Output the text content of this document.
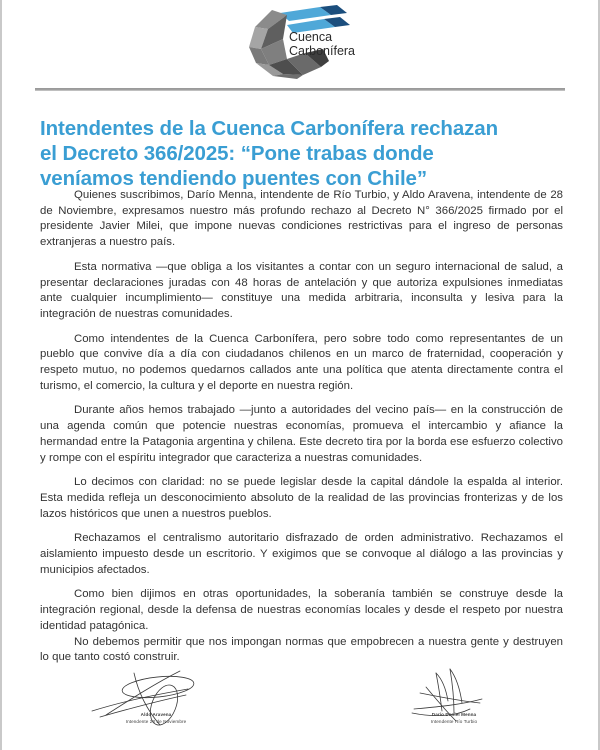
Cuenca
Carbonífera
Intendentes de la Cuenca Carbonífera rechazan
el Decreto 366/2025: “Pone trabas donde
veníamos tendiendo puentes con Chile”

Quienes suscribimos, Darío Menna, intendente de Río Turbio, y Aldo Aravena, intendente de 28 de Noviembre, expresamos nuestro más profundo rechazo al Decreto N° 366/2025 firmado por el presidente Javier Milei, que impone nuevas condiciones restrictivas para el ingreso de personas extranjeras a nuestro país.

Esta normativa —que obliga a los visitantes a contar con un seguro internacional de salud, a presentar declaraciones juradas con 48 horas de antelación y que autoriza expulsiones inmediatas ante cualquier incumplimiento— constituye una medida arbitraria, inconsulta y lesiva para la integración de nuestras comunidades.

Como intendentes de la Cuenca Carbonífera, pero sobre todo como representantes de un pueblo que convive día a día con ciudadanos chilenos en un marco de fraternidad, cooperación y respeto mutuo, no podemos quedarnos callados ante una política que atenta directamente contra el turismo, el comercio, la cultura y el deporte en nuestra región.

Durante años hemos trabajado —junto a autoridades del vecino país— en la construcción de una agenda común que potencie nuestras economías, promueva el intercambio y afiance la hermandad entre la Patagonia argentina y chilena. Este decreto tira por la borda ese esfuerzo colectivo y rompe con el espíritu integrador que caracteriza a nuestras comunidades.

Lo decimos con claridad: no se puede legislar desde la capital dándole la espalda al interior. Esta medida refleja un desconocimiento absoluto de la realidad de las provincias fronterizas y de los lazos históricos que unen a nuestros pueblos.

Rechazamos el centralismo autoritario disfrazado de orden administrativo. Rechazamos el aislamiento impuesto desde un escritorio. Y exigimos que se convoque al diálogo a las provincias y municipios afectados.

Como bien dijimos en otras oportunidades, la soberanía también se construye desde la integración regional, desde la defensa de nuestras economías locales y desde el respeto por nuestra identidad patagónica.

No debemos permitir que nos impongan normas que empobrecen a nuestra gente y destruyen lo que tanto costó construir.

Aldo Aravena
Intendente 28 de Noviembre
Darío Daniel Menna
Intendente Río Turbio
